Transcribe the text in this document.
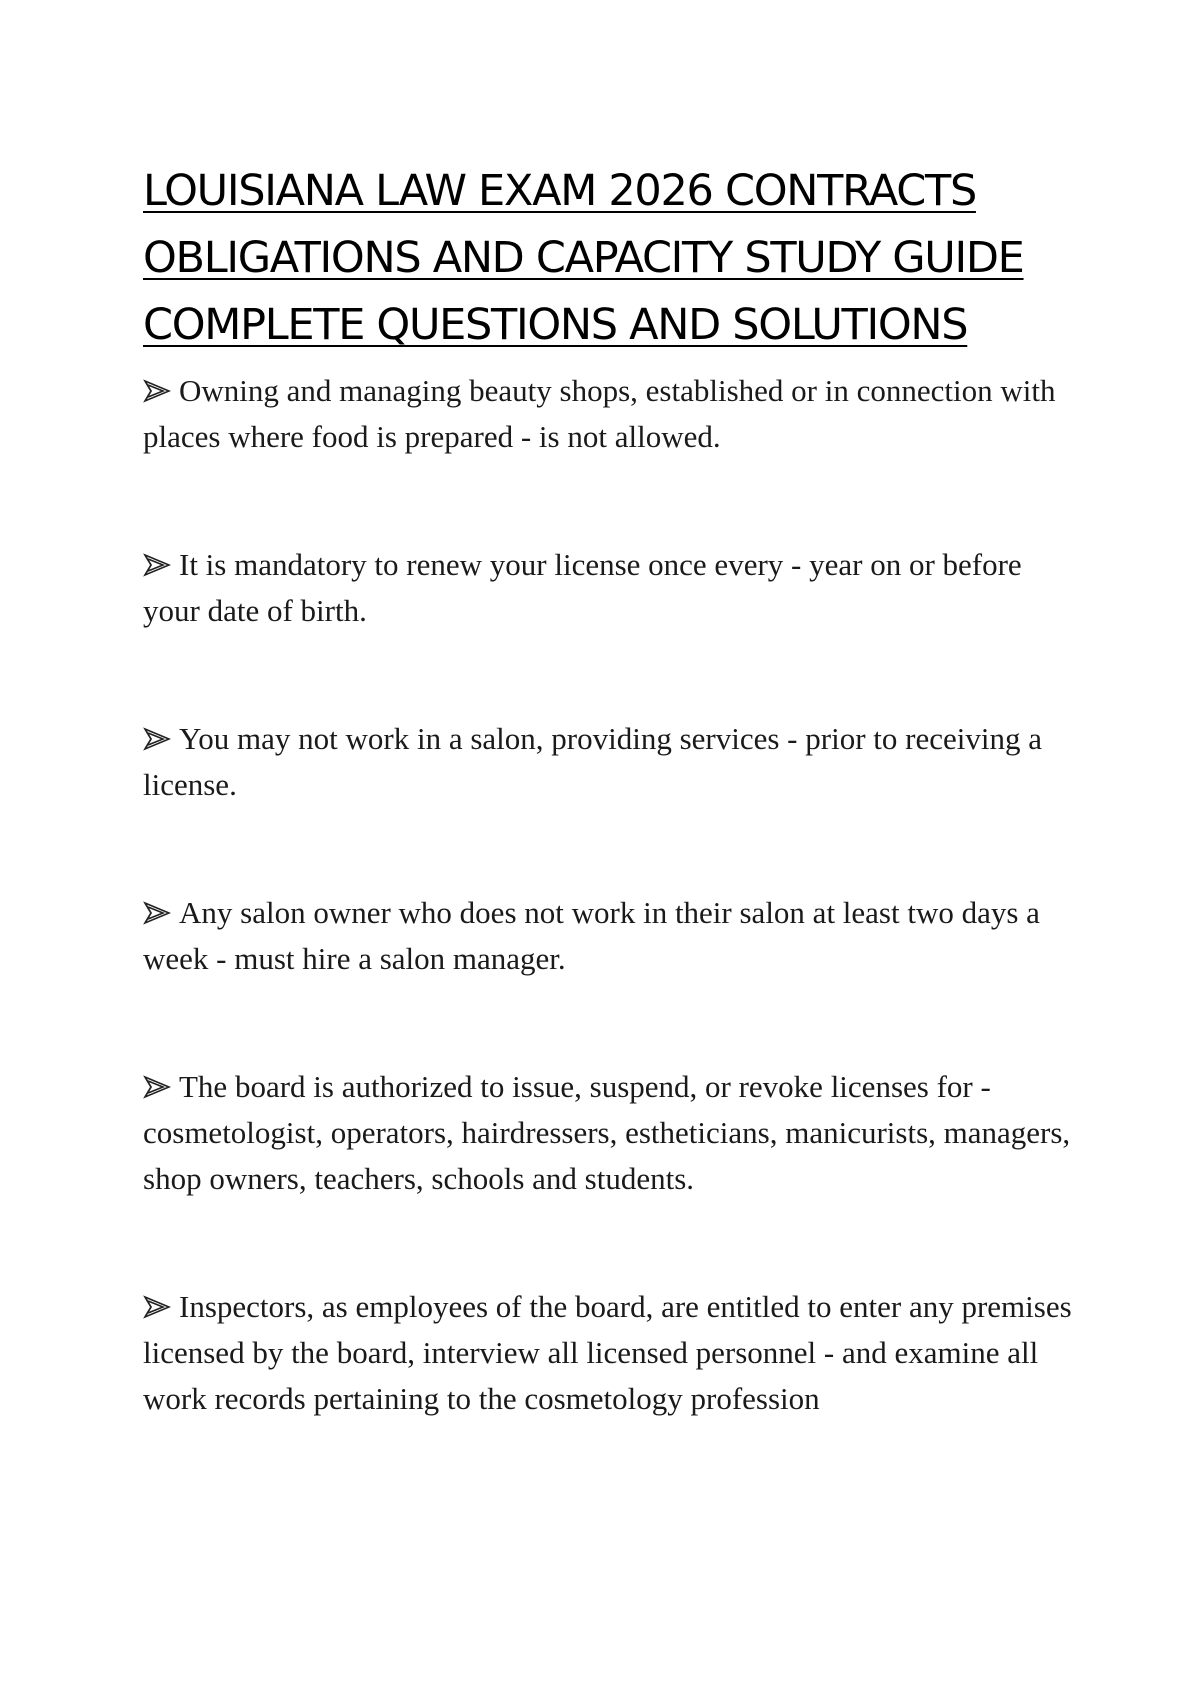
LOUISIANA LAW EXAM 2026 CONTRACTS OBLIGATIONS AND CAPACITY STUDY GUIDE COMPLETE QUESTIONS AND SOLUTIONS

Owning and managing beauty shops, established or in connection with places where food is prepared - is not allowed.

It is mandatory to renew your license once every - year on or before your date of birth.

You may not work in a salon, providing services - prior to receiving a license.

Any salon owner who does not work in their salon at least two days a week - must hire a salon manager.

The board is authorized to issue, suspend, or revoke licenses for - cosmetologist, operators, hairdressers, estheticians, manicurists, managers, shop owners, teachers, schools and students.

Inspectors, as employees of the board, are entitled to enter any premises licensed by the board, interview all licensed personnel - and examine all work records pertaining to the cosmetology profession
